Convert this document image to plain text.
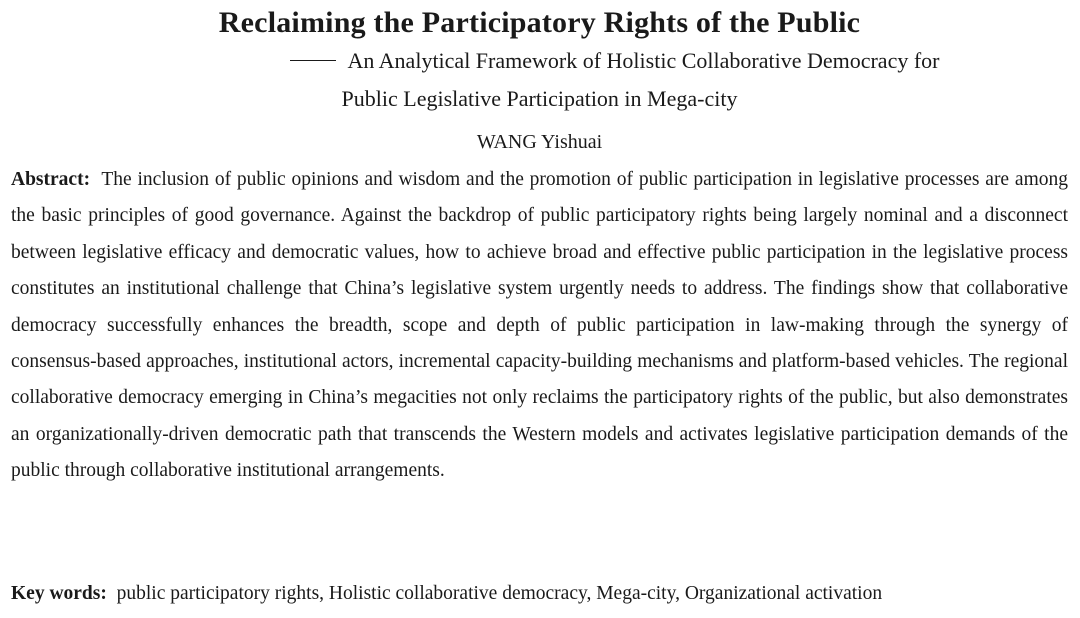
Reclaiming the Participatory Rights of the Public
An Analytical Framework of Holistic Collaborative Democracy for
Public Legislative Participation in Mega-city
WANG Yishuai

Abstract: The inclusion of public opinions and wisdom and the promotion of public participation in legislative processes are among the basic principles of good governance. Against the backdrop of public participatory rights being largely nominal and a disconnect between legislative efficacy and democratic values, how to achieve broad and effective public participation in the legislative process constitutes an institutional challenge that China’s legislative system urgently needs to address. The findings show that collaborative democracy successfully enhances the breadth, scope and depth of public participation in law-making through the synergy of consensus-based approaches, institutional actors, incremental capacity-building mechanisms and platform-based vehicles. The regional collaborative democracy emerging in China’s megacities not only reclaims the participatory rights of the public, but also demonstrates an organizationally-driven democratic path that transcends the Western models and activates legislative participation demands of the public through collaborative institutional arrangements.

Key words: public participatory rights, Holistic collaborative democracy, Mega-city, Organizational activation
